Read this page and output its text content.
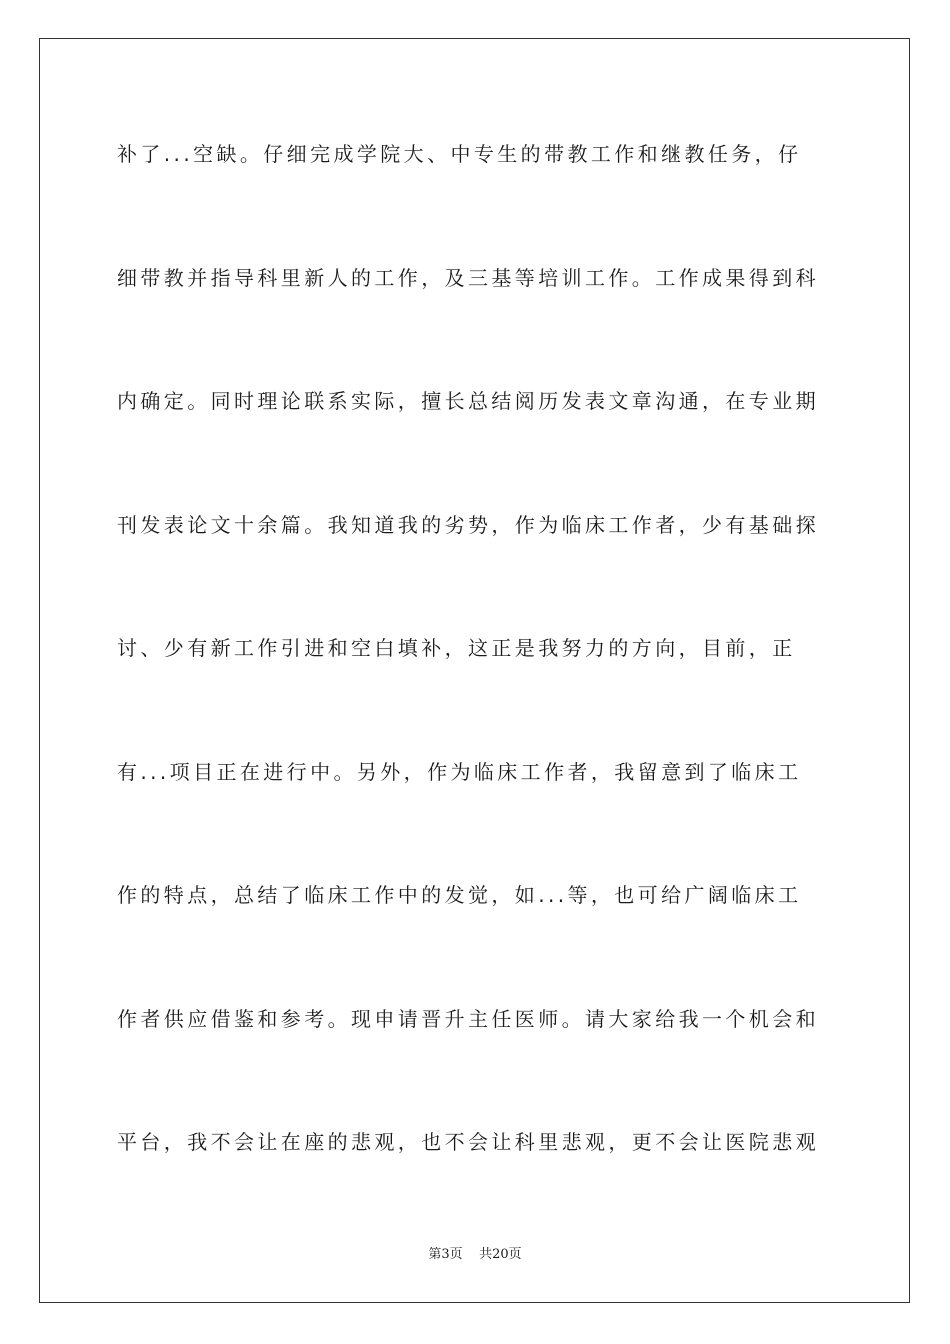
补了...空缺。仔细完成学院大、中专生的带教工作和继教任务，仔
细带教并指导科里新人的工作，及三基等培训工作。工作成果得到科
内确定。同时理论联系实际，擅长总结阅历发表文章沟通，在专业期
刊发表论文十余篇。我知道我的劣势，作为临床工作者，少有基础探
讨、少有新工作引进和空白填补，这正是我努力的方向，目前，正
有...项目正在进行中。另外，作为临床工作者，我留意到了临床工
作的特点，总结了临床工作中的发觉，如...等，也可给广阔临床工
作者供应借鉴和参考。现申请晋升主任医师。请大家给我一个机会和
平台，我不会让在座的悲观，也不会让科里悲观，更不会让医院悲观
第3页 共20页
